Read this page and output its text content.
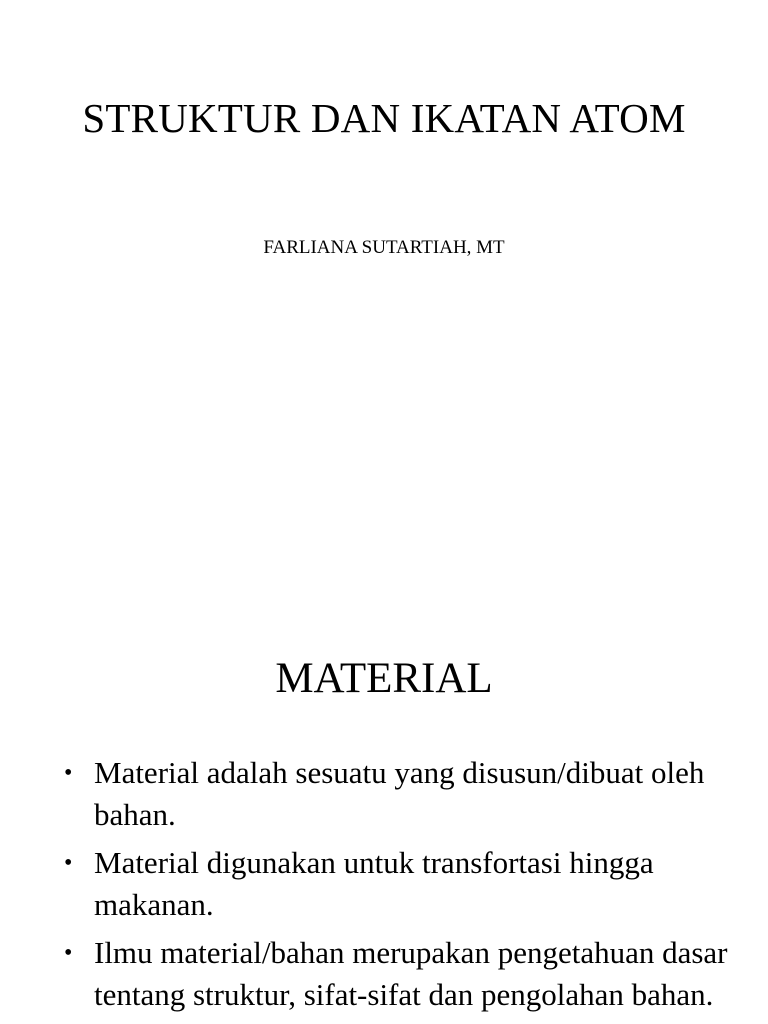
STRUKTUR DAN IKATAN ATOM
FARLIANA SUTARTIAH, MT
MATERIAL
• Material adalah sesuatu yang disusun/dibuat oleh bahan.
• Material digunakan untuk transfortasi hingga makanan.
• Ilmu material/bahan merupakan pengetahuan dasar tentang struktur, sifat-sifat dan pengolahan bahan.
